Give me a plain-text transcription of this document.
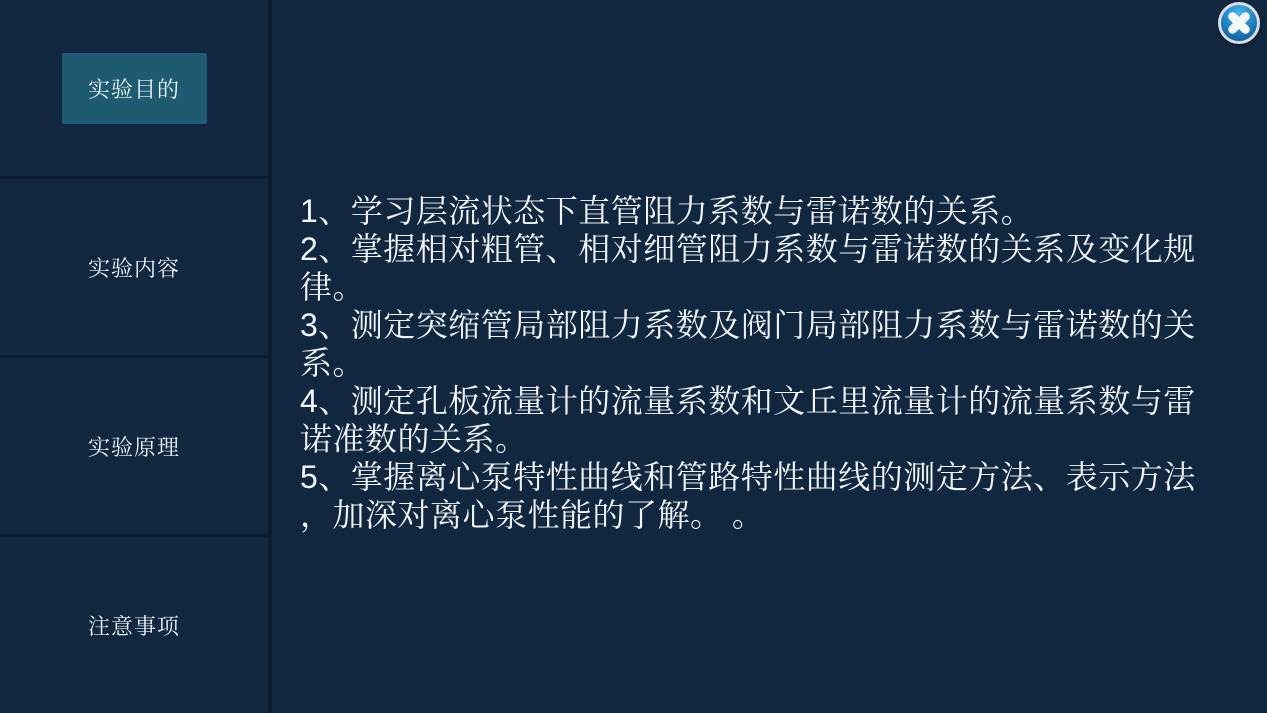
实验目的
实验内容
实验原理
注意事项
1、学习层流状态下直管阻力系数与雷诺数的关系。
2、掌握相对粗管、相对细管阻力系数与雷诺数的关系及变化规
律。
3、测定突缩管局部阻力系数及阀门局部阻力系数与雷诺数的关
系。
4、测定孔板流量计的流量系数和文丘里流量计的流量系数与雷
诺准数的关系。
5、掌握离心泵特性曲线和管路特性曲线的测定方法、表示方法
，加深对离心泵性能的了解。 。
